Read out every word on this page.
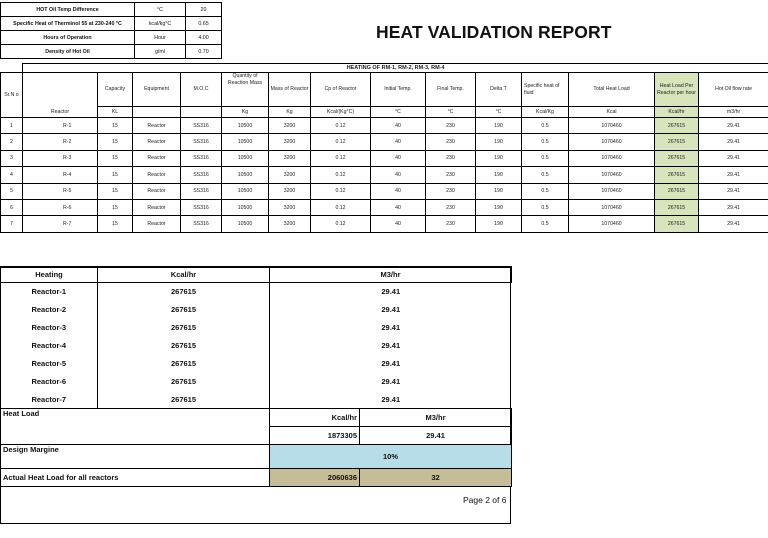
HOT Oil Temp Difference	°C	20
Specific Heat of Therminol 55 at 230-240 °C	kcal/kg°C	0.65
Hours of Operation	Hour	4.00
Density of Hot Oil	g/ml	0.70
HEAT VALIDATION REPORT
	HEATING OF RM-1, RM-2, RM-3, RM-4													
Sr.N o	Reactor	Capacity	Equipment	M.O.C	Quantity of Reaction Mass	Mass of Reactor	Cp of Reactor	Initial Temp.	Final Temp.	Delta T	Specific heat of fluid	Total Heat Load	Heat Load Per Reactor per hour	Hot Oil flow rate
		KL			Kg	Kg	Kcal/(Kg°C)	°C	°C	°C	Kcal/Kg	Kcal	Kcal/hr	m3/hr
1	R-1	15	Reactor	SS316	10500	3200	0.12	40	230	190	0.5	1070460	267615	29.41
2	R-2	15	Reactor	SS316	10500	3200	0.12	40	230	190	0.5	1070460	267615	29.41
3	R-3	15	Reactor	SS316	10500	3200	0.12	40	230	190	0.5	1070460	267615	29.41
4	R-4	15	Reactor	SS316	10500	3200	0.12	40	230	190	0.5	1070460	267615	29.41
5	R-5	15	Reactor	SS316	10500	3200	0.12	40	230	190	0.5	1070460	267615	29.41
6	R-6	15	Reactor	SS316	10500	3200	0.12	40	230	190	0.5	1070460	267615	29.41
7	R-7	15	Reactor	SS316	10500	3200	0.12	40	230	190	0.5	1070460	267615	29.41
Heating	Kcal/hr	M3/hr	
Reactor-1	267615	29.41	
Reactor-2	267615	29.41	
Reactor-3	267615	29.41	
Reactor-4	267615	29.41	
Reactor-5	267615	29.41	
Reactor-6	267615	29.41	
Reactor-7	267615	29.41	
Heat Load		Kcal/hr	M3/hr
		1873305	29.41
Design Margine		10%	
Actual Heat Load for all reactors		2060636	32
Page 2 of 6
